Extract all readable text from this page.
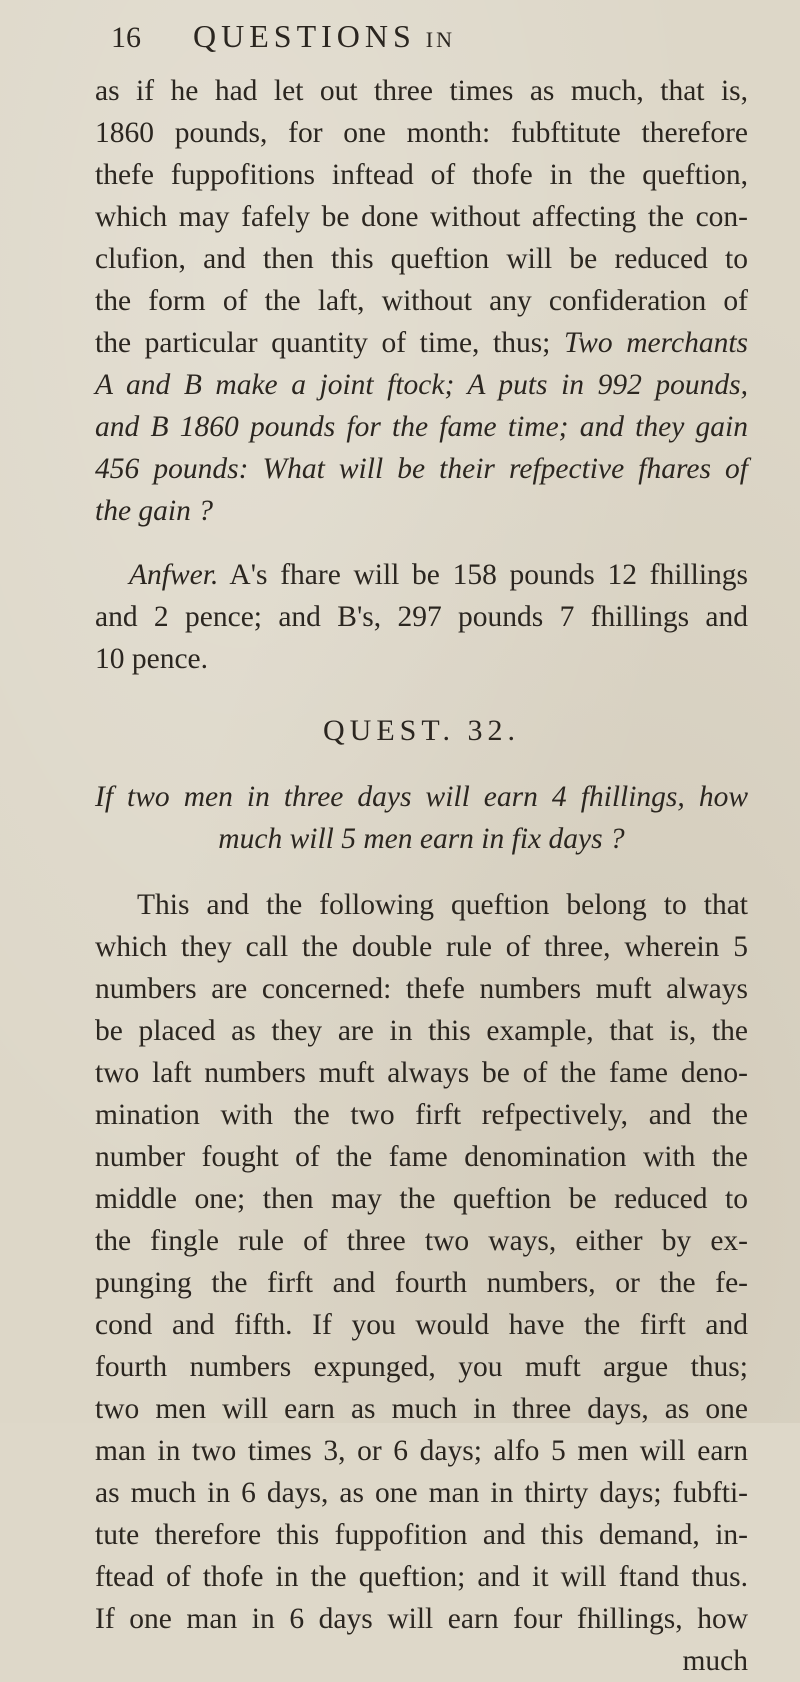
16	QUESTIONS IN
as if he had let out three times as much, that is,
1860 pounds, for one month: fubftitute therefore
thefe fuppofitions inftead of thofe in the queftion,
which may fafely be done without affecting the con-
clufion, and then this queftion will be reduced to
the form of the laft, without any confideration of
the particular quantity of time, thus; Two merchants
A and B make a joint ftock; A puts in 992 pounds,
and B 1860 pounds for the fame time; and they gain
456 pounds: What will be their refpective fhares of
the gain ?
Anfwer. A's fhare will be 158 pounds 12 fhillings
and 2 pence; and B's, 297 pounds 7 fhillings and
10 pence.
QUEST. 32.
If two men in three days will earn 4 fhillings, how
much will 5 men earn in fix days ?
This and the following queftion belong to that
which they call the double rule of three, wherein 5
numbers are concerned: thefe numbers muft always
be placed as they are in this example, that is, the
two laft numbers muft always be of the fame deno-
mination with the two firft refpectively, and the
number fought of the fame denomination with the
middle one; then may the queftion be reduced to
the fingle rule of three two ways, either by ex-
punging the firft and fourth numbers, or the fe-
cond and fifth. If you would have the firft and
fourth numbers expunged, you muft argue thus;
two men will earn as much in three days, as one
man in two times 3, or 6 days; alfo 5 men will earn
as much in 6 days, as one man in thirty days; fubfti-
tute therefore this fuppofition and this demand, in-
ftead of thofe in the queftion; and it will ftand thus.
If one man in 6 days will earn four fhillings, how
much
